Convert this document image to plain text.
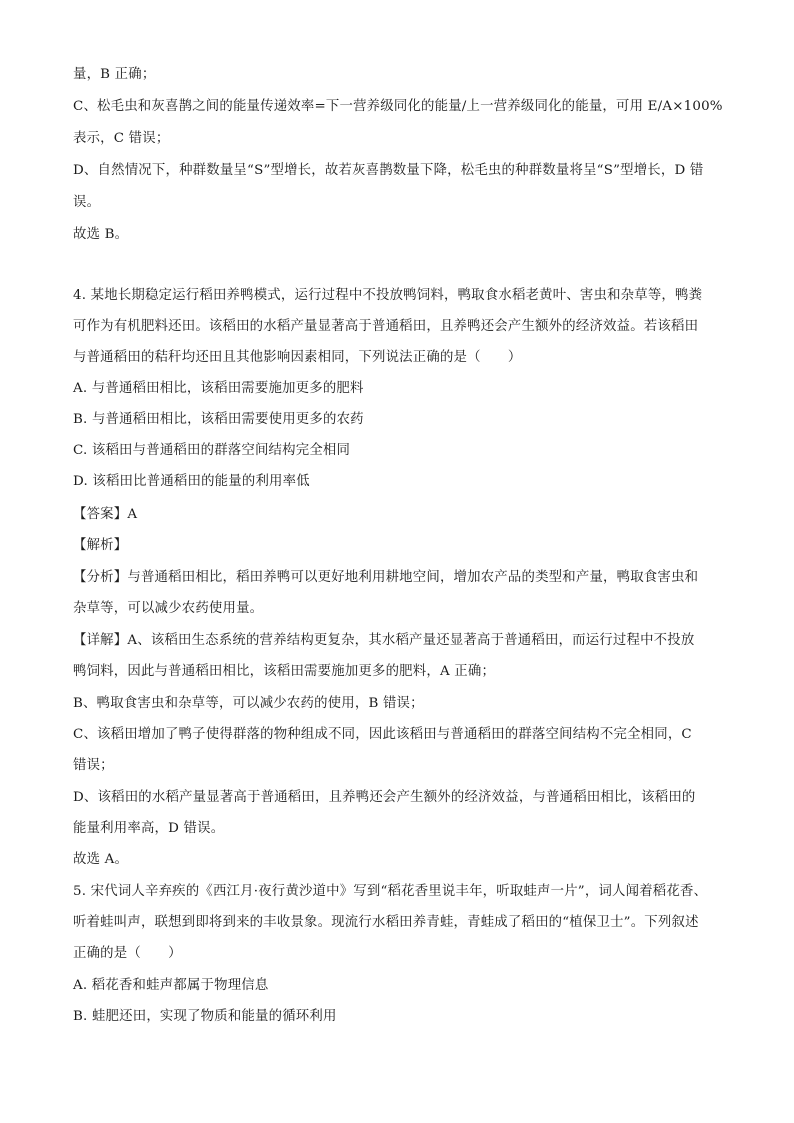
量，B 正确；
C、松毛虫和灰喜鹊之间的能量传递效率=下一营养级同化的能量/上一营养级同化的能量，可用 E/A×100%
表示，C 错误；
D、自然情况下，种群数量呈“S”型增长，故若灰喜鹊数量下降，松毛虫的种群数量将呈“S”型增长，D 错
误。
故选 B。
4. 某地长期稳定运行稻田养鸭模式，运行过程中不投放鸭饲料，鸭取食水稻老黄叶、害虫和杂草等，鸭粪
可作为有机肥料还田。该稻田的水稻产量显著高于普通稻田，且养鸭还会产生额外的经济效益。若该稻田
与普通稻田的秸秆均还田且其他影响因素相同，下列说法正确的是（　　）
A. 与普通稻田相比，该稻田需要施加更多的肥料
B. 与普通稻田相比，该稻田需要使用更多的农药
C. 该稻田与普通稻田的群落空间结构完全相同
D. 该稻田比普通稻田的能量的利用率低
【答案】A
【解析】
【分析】与普通稻田相比，稻田养鸭可以更好地利用耕地空间，增加农产品的类型和产量，鸭取食害虫和
杂草等，可以减少农药使用量。
【详解】A、该稻田生态系统的营养结构更复杂，其水稻产量还显著高于普通稻田，而运行过程中不投放
鸭饲料，因此与普通稻田相比，该稻田需要施加更多的肥料，A 正确；
B、鸭取食害虫和杂草等，可以减少农药的使用，B 错误；
C、该稻田增加了鸭子使得群落的物种组成不同，因此该稻田与普通稻田的群落空间结构不完全相同，C
错误；
D、该稻田的水稻产量显著高于普通稻田，且养鸭还会产生额外的经济效益，与普通稻田相比，该稻田的
能量利用率高，D 错误。
故选 A。
5. 宋代词人辛弃疾的《西江月·夜行黄沙道中》写到“稻花香里说丰年，听取蛙声一片”，词人闻着稻花香、
听着蛙叫声，联想到即将到来的丰收景象。现流行水稻田养青蛙，青蛙成了稻田的“植保卫士”。下列叙述
正确的是（　　）
A. 稻花香和蛙声都属于物理信息
B. 蛙肥还田，实现了物质和能量的循环利用
